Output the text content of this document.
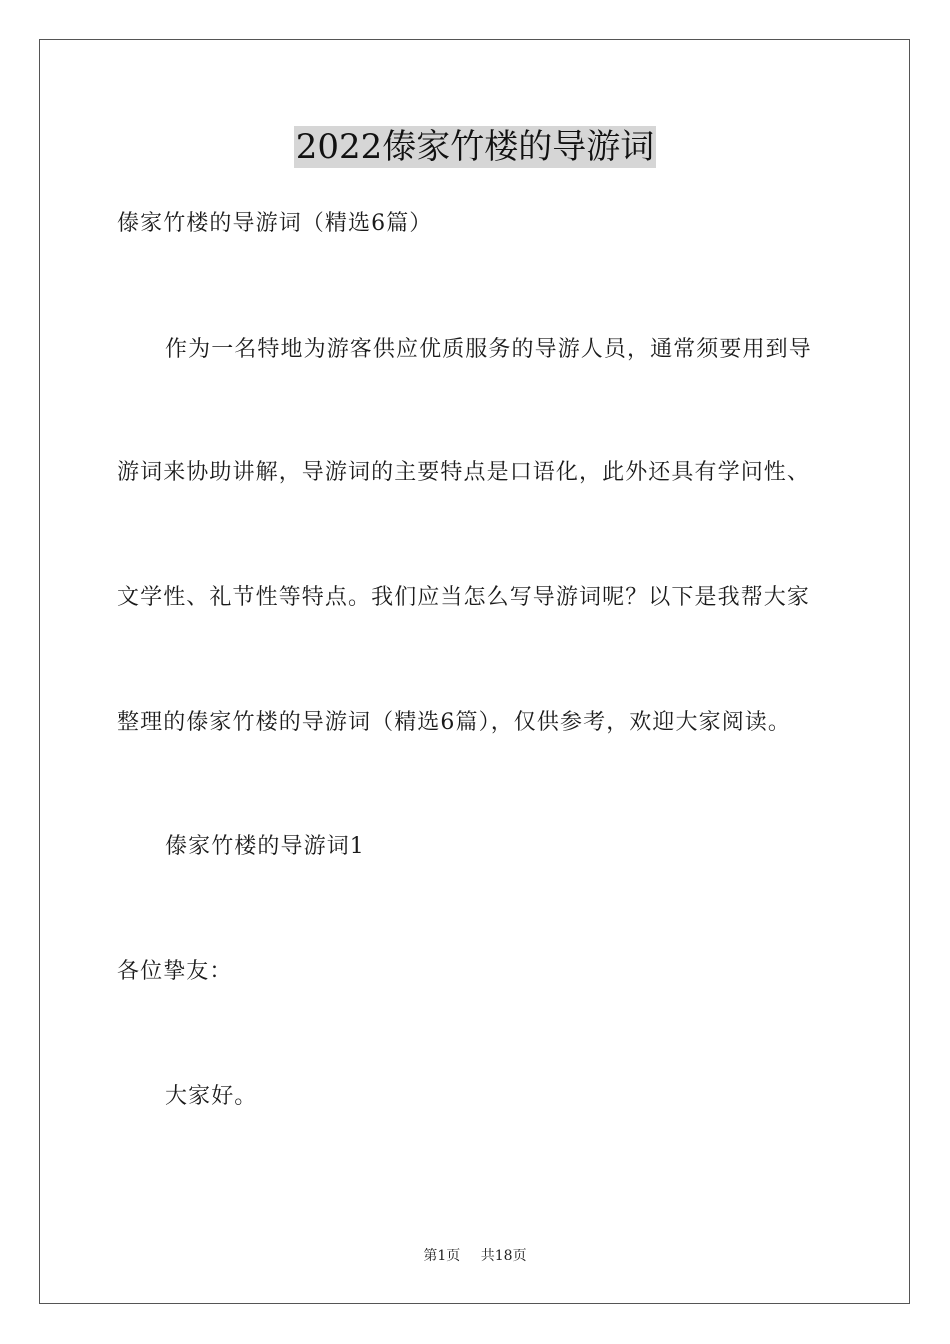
2022傣家竹楼的导游词
傣家竹楼的导游词（精选6篇）
作为一名特地为游客供应优质服务的导游人员，通常须要用到导
游词来协助讲解，导游词的主要特点是口语化，此外还具有学问性、
文学性、礼节性等特点。我们应当怎么写导游词呢？以下是我帮大家
整理的傣家竹楼的导游词（精选6篇），仅供参考，欢迎大家阅读。
傣家竹楼的导游词1
各位挚友：
大家好。
第1页 共18页
